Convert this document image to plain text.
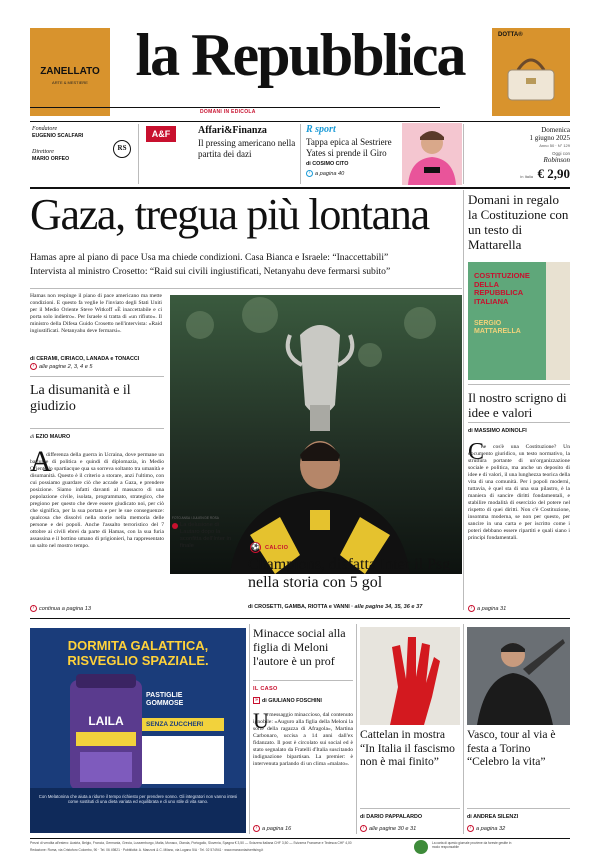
ZANELLATO
ARTE & MESTIERE la Repubblica	DOTTA®
DOMANI IN EDICOLA
Fondatore
EUGENIO SCALFARI
Direttore
MARIO ORFEO
RS
A&F	Affari&Finanza
Il pressing americano nella partita dei dazi
R sport
Tappa epica al Sestriere Yates si prende il Giro
di COSIMO CITO
› a pagina 40
Domenica
1 giugno 2025
Anno 50 · N° 129
Oggi con
Robinson
in Italia € 2,90
Gaza, tregua più lontana
Hamas apre al piano di pace Usa ma chiede condizioni. Casa Bianca e Israele: “Inaccettabili”
Intervista al ministro Crosetto: “Raid sui civili ingiustificati, Netanyahu deve fermarsi subito”
Hamas non respinge il piano di pace americano ma mette condizioni. E questo fa veglie le l'inviato degli Stati Uniti per il Medio Oriente Steve Witkoff «È inaccettabile e ci porta solo indietro». Per Israele si tratta di «un rifiuto». Il ministro della Difesa Guido Crosetto nell'intervista: «Raid ingiustificati. Netanyahu deve fermarsi».
di CERAMI, CIRIACO, LANADA e TONACCI
› alle pagine 2, 3, 4 e 5
La disumanità e il giudizio
di EZIO MAURO
A
differenza della guerra in Ucraina, dove permane un barlume di politica e quindi di diplomazia, in Medio Oriente lo spartiacque qua sa sorreva soltanto tra umanità e disumanità. Questo è il criterio a storare, anzi l'ultimo, con cui possiamo guardare ciò che accade a Gaza, e prendere posizione. Siamo infatti davanti al massacro di una popolazione civile, isolata, programmato, strategico, che pregiono per questo che deve essere giudicato noi, per ciò che significa, per la sua portata e per le sue conseguenze: qualcosa che dissolvi nella storie nella memoria delle persone e dei popoli. Anche l'assalto terroristico del 7 ottobre ai civili ebrei da parte di Hamas, con la sua furia assassina e il bottino umano di prigionieri, ha rappresentato un salto nel mostro tempo.
› continua a pagina 13
La delusione di Lautaro dopo la sconfitta dell'Inter in finale
FOTO ANSA / JULIEN DE ROSA
⚽ CALCIO
Champions, disfatta Inter il Psg nella storia con 5 gol
di CROSETTI, GAMBA, RIOTTA e VANNI · alle pagine 34, 35, 36 e 37
Domani in regalo la Costituzione con un testo di Mattarella
COSTITUZIONE DELLA REPUBBLICA ITALIANA
SERGIO MATTARELLA
Il nostro scrigno di idee e valori
di MASSIMO ADINOLFI
C
he cos'è una Costituzione? Un documento giuridico, un testo normativo, la struttura portante di un'organizzazione sociale e politica, ma anche un deposito di idee e di valori, il una lunghezza teorica della vita di una comunità. Per i popoli moderni, tuttavia, è quel sta di una sua pilastro, è la maniera di sancire diritti fondamentali, e stabilire modalità di esercizio del potere nel rispetto di quei diritti. Non c'è Costituzione, insomma moderna, se non per questo, per sancire in una carta e per iscritto come i poteri debbano essere ripartiti e quali siano i principi fondamentali.
› a pagina 31
DORMITA GALATTICA,
RISVEGLIO SPAZIALE.
LAILA
PASTIGLIE GOMMOSE
SENZA ZUCCHERI
Con Melatonina che aiuta a ridurre il tempo richiesto per prendere sonno. Gli integratori non vanno intesi come sostituti di una dieta variata ed equilibrata e di uno stile di vita sano.
Minacce social alla figlia di Meloni l'autore è un prof
IL CASO
» di GIULIANO FOSCHINI
U
n messaggio minaccioso, dal contenuto ignobile: «Auguro alla figlia della Meloni la sorte della ragazza di Afragola», Martina Carbonaro, uccisa a 14 anni dall'ex fidanzato. Il post è circolato sui social ed è stato segnalato da Fratelli d'Italia suscitando indignazione bipartisan. La premier: è intervenuta parlando di un clima «malato».
› a pagina 16
Cattelan in mostra “In Italia il fascismo non è mai finito”
di DARIO PAPPALARDO
› alle pagine 30 e 31
Vasco, tour al via è festa a Torino “Celebro la vita”
di ANDREA SILENZI
› a pagina 32
Prezzi di vendita all'estero: Austria, Belgio, Francia, Germania, Grecia, Lussemburgo, Malta, Monaco, Olanda, Portogallo, Slovenia, Spagna € 3,50 — Svizzera Italiana CHF 3,50 — Svizzera Francese e Tedesca CHF 4,00
Redazione: Roma, via Cristoforo Colombo, 90 · Tel. 06 49821 · Pubblicità: A. Manzoni & C. Milano, via Lugano 5/A · Tel. 02 574941 · www.manzoniadvertising.it
La carta di questo giornale proviene da foreste gestite in modo responsabile
